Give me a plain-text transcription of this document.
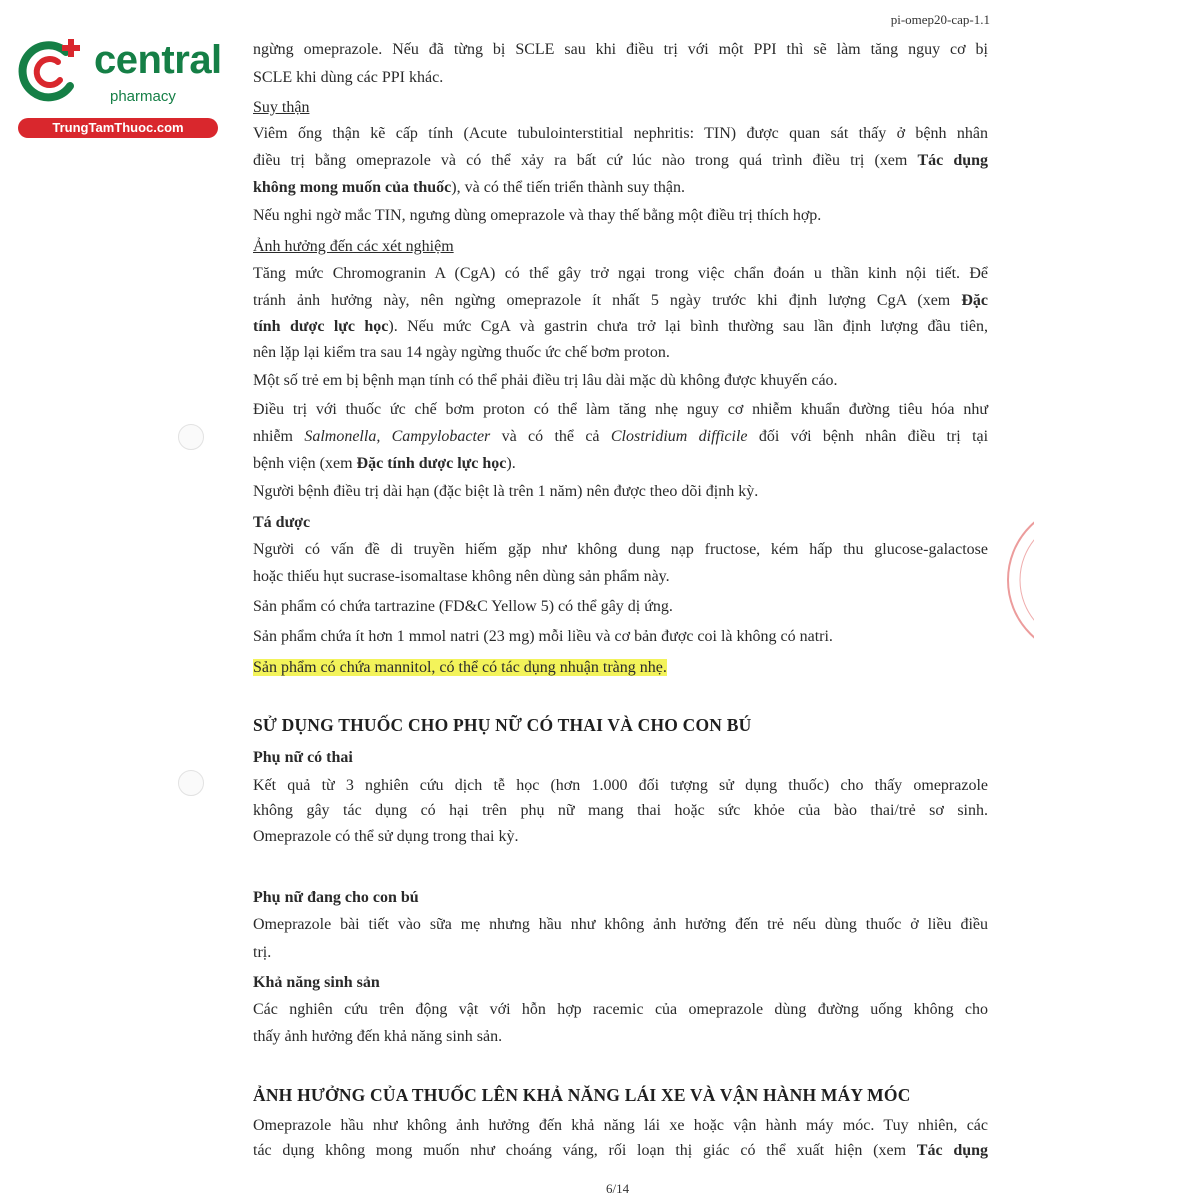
central
pharmacy
TrungTamThuoc.com
pi-omep20-cap-1.1

ngừng omeprazole. Nếu đã từng bị SCLE sau khi điều trị với một PPI thì sẽ làm tăng nguy cơ bị

SCLE khi dùng các PPI khác.

Suy thận

Viêm ống thận kẽ cấp tính (Acute tubulointerstitial nephritis: TIN) được quan sát thấy ở bệnh nhân

điều trị bằng omeprazole và có thể xảy ra bất cứ lúc nào trong quá trình điều trị (xem Tác dụng

không mong muốn của thuốc), và có thể tiến triển thành suy thận.

Nếu nghi ngờ mắc TIN, ngưng dùng omeprazole và thay thế bằng một điều trị thích hợp.

Ảnh hưởng đến các xét nghiệm

Tăng mức Chromogranin A (CgA) có thể gây trở ngại trong việc chẩn đoán u thần kinh nội tiết. Để

tránh ảnh hưởng này, nên ngừng omeprazole ít nhất 5 ngày trước khi định lượng CgA (xem Đặc

tính dược lực học). Nếu mức CgA và gastrin chưa trở lại bình thường sau lần định lượng đầu tiên,

nên lặp lại kiểm tra sau 14 ngày ngừng thuốc ức chế bơm proton.

Một số trẻ em bị bệnh mạn tính có thể phải điều trị lâu dài mặc dù không được khuyến cáo.

Điều trị với thuốc ức chế bơm proton có thể làm tăng nhẹ nguy cơ nhiễm khuẩn đường tiêu hóa như

nhiễm Salmonella, Campylobacter và có thể cả Clostridium difficile đối với bệnh nhân điều trị tại

bệnh viện (xem Đặc tính dược lực học).

Người bệnh điều trị dài hạn (đặc biệt là trên 1 năm) nên được theo dõi định kỳ.

Tá dược

Người có vấn đề di truyền hiếm gặp như không dung nạp fructose, kém hấp thu glucose-galactose

hoặc thiếu hụt sucrase-isomaltase không nên dùng sản phẩm này.

Sản phẩm có chứa tartrazine (FD&C Yellow 5) có thể gây dị ứng.

Sản phẩm chứa ít hơn 1 mmol natri (23 mg) mỗi liều và cơ bản được coi là không có natri.

Sản phẩm có chứa mannitol, có thể có tác dụng nhuận tràng nhẹ.

SỬ DỤNG THUỐC CHO PHỤ NỮ CÓ THAI VÀ CHO CON BÚ

Phụ nữ có thai

Kết quả từ 3 nghiên cứu dịch tễ học (hơn 1.000 đối tượng sử dụng thuốc) cho thấy omeprazole

không gây tác dụng có hại trên phụ nữ mang thai hoặc sức khỏe của bào thai/trẻ sơ sinh.

Omeprazole có thể sử dụng trong thai kỳ.

Phụ nữ đang cho con bú

Omeprazole bài tiết vào sữa mẹ nhưng hầu như không ảnh hưởng đến trẻ nếu dùng thuốc ở liều điều

trị.

Khả năng sinh sản

Các nghiên cứu trên động vật với hỗn hợp racemic của omeprazole dùng đường uống không cho

thấy ảnh hưởng đến khả năng sinh sản.

ẢNH HƯỞNG CỦA THUỐC LÊN KHẢ NĂNG LÁI XE VÀ VẬN HÀNH MÁY MÓC

Omeprazole hầu như không ảnh hưởng đến khả năng lái xe hoặc vận hành máy móc. Tuy nhiên, các

tác dụng không mong muốn như choáng váng, rối loạn thị giác có thể xuất hiện (xem Tác dụng

6/14
